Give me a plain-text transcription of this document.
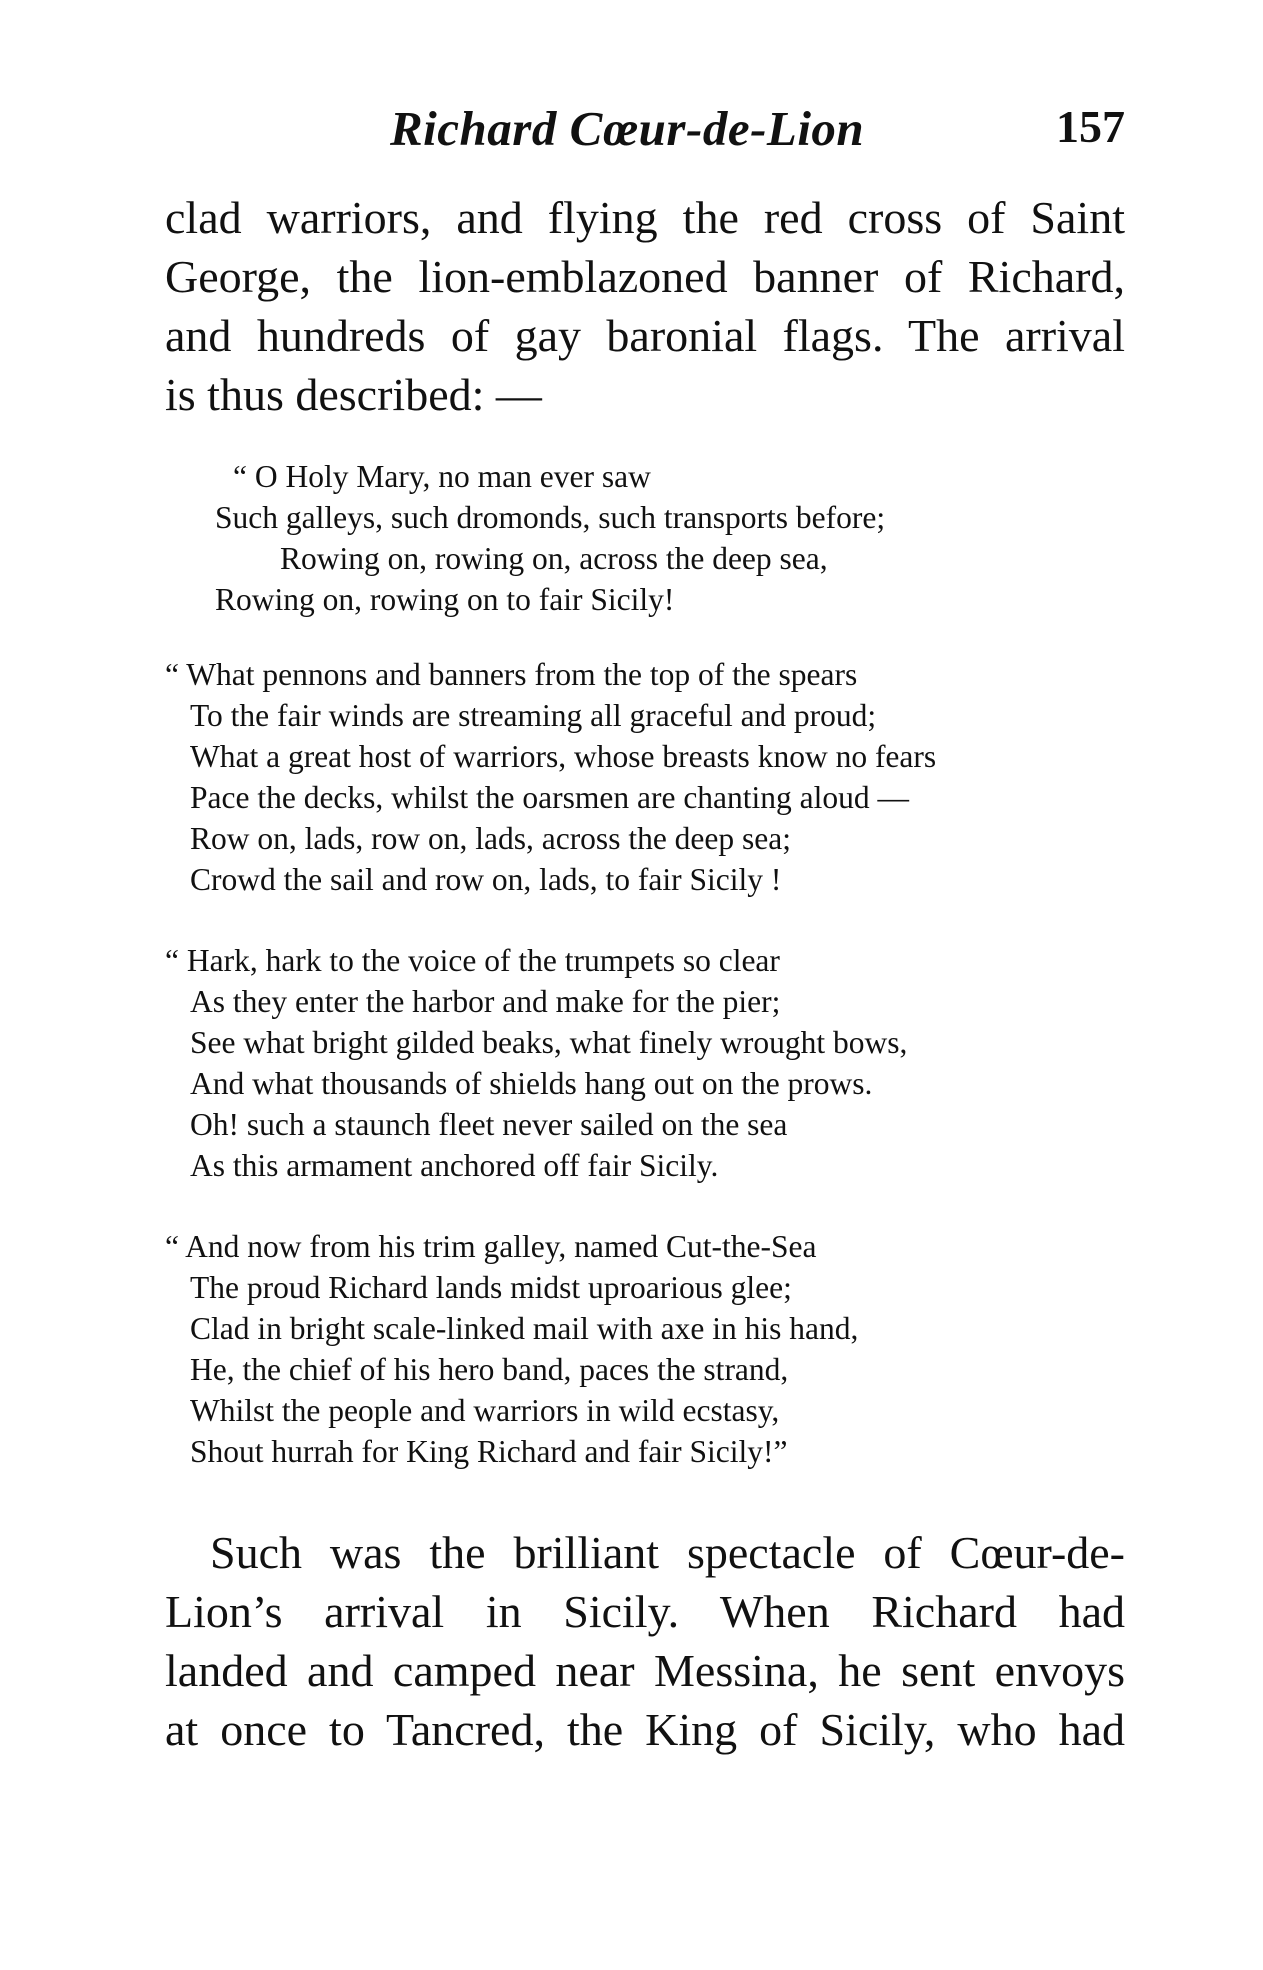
Richard Cœur-de-Lion	157
clad warriors, and flying the red cross of Saint
George, the lion-emblazoned banner of Richard,
and hundreds of gay baronial flags. The arrival
is thus described: —
“ O Holy Mary, no man ever saw
Such galleys, such dromonds, such transports before;
Rowing on, rowing on, across the deep sea,
Rowing on, rowing on to fair Sicily!
“ What pennons and banners from the top of the spears
To the fair winds are streaming all graceful and proud;
What a great host of warriors, whose breasts know no fears
Pace the decks, whilst the oarsmen are chanting aloud —
Row on, lads, row on, lads, across the deep sea;
Crowd the sail and row on, lads, to fair Sicily !
“ Hark, hark to the voice of the trumpets so clear
As they enter the harbor and make for the pier;
See what bright gilded beaks, what finely wrought bows,
And what thousands of shields hang out on the prows.
Oh! such a staunch fleet never sailed on the sea
As this armament anchored off fair Sicily.
“ And now from his trim galley, named Cut-the-Sea
The proud Richard lands midst uproarious glee;
Clad in bright scale-linked mail with axe in his hand,
He, the chief of his hero band, paces the strand,
Whilst the people and warriors in wild ecstasy,
Shout hurrah for King Richard and fair Sicily!”
Such was the brilliant spectacle of Cœur-de-
Lion’s arrival in Sicily. When Richard had
landed and camped near Messina, he sent envoys
at once to Tancred, the King of Sicily, who had
